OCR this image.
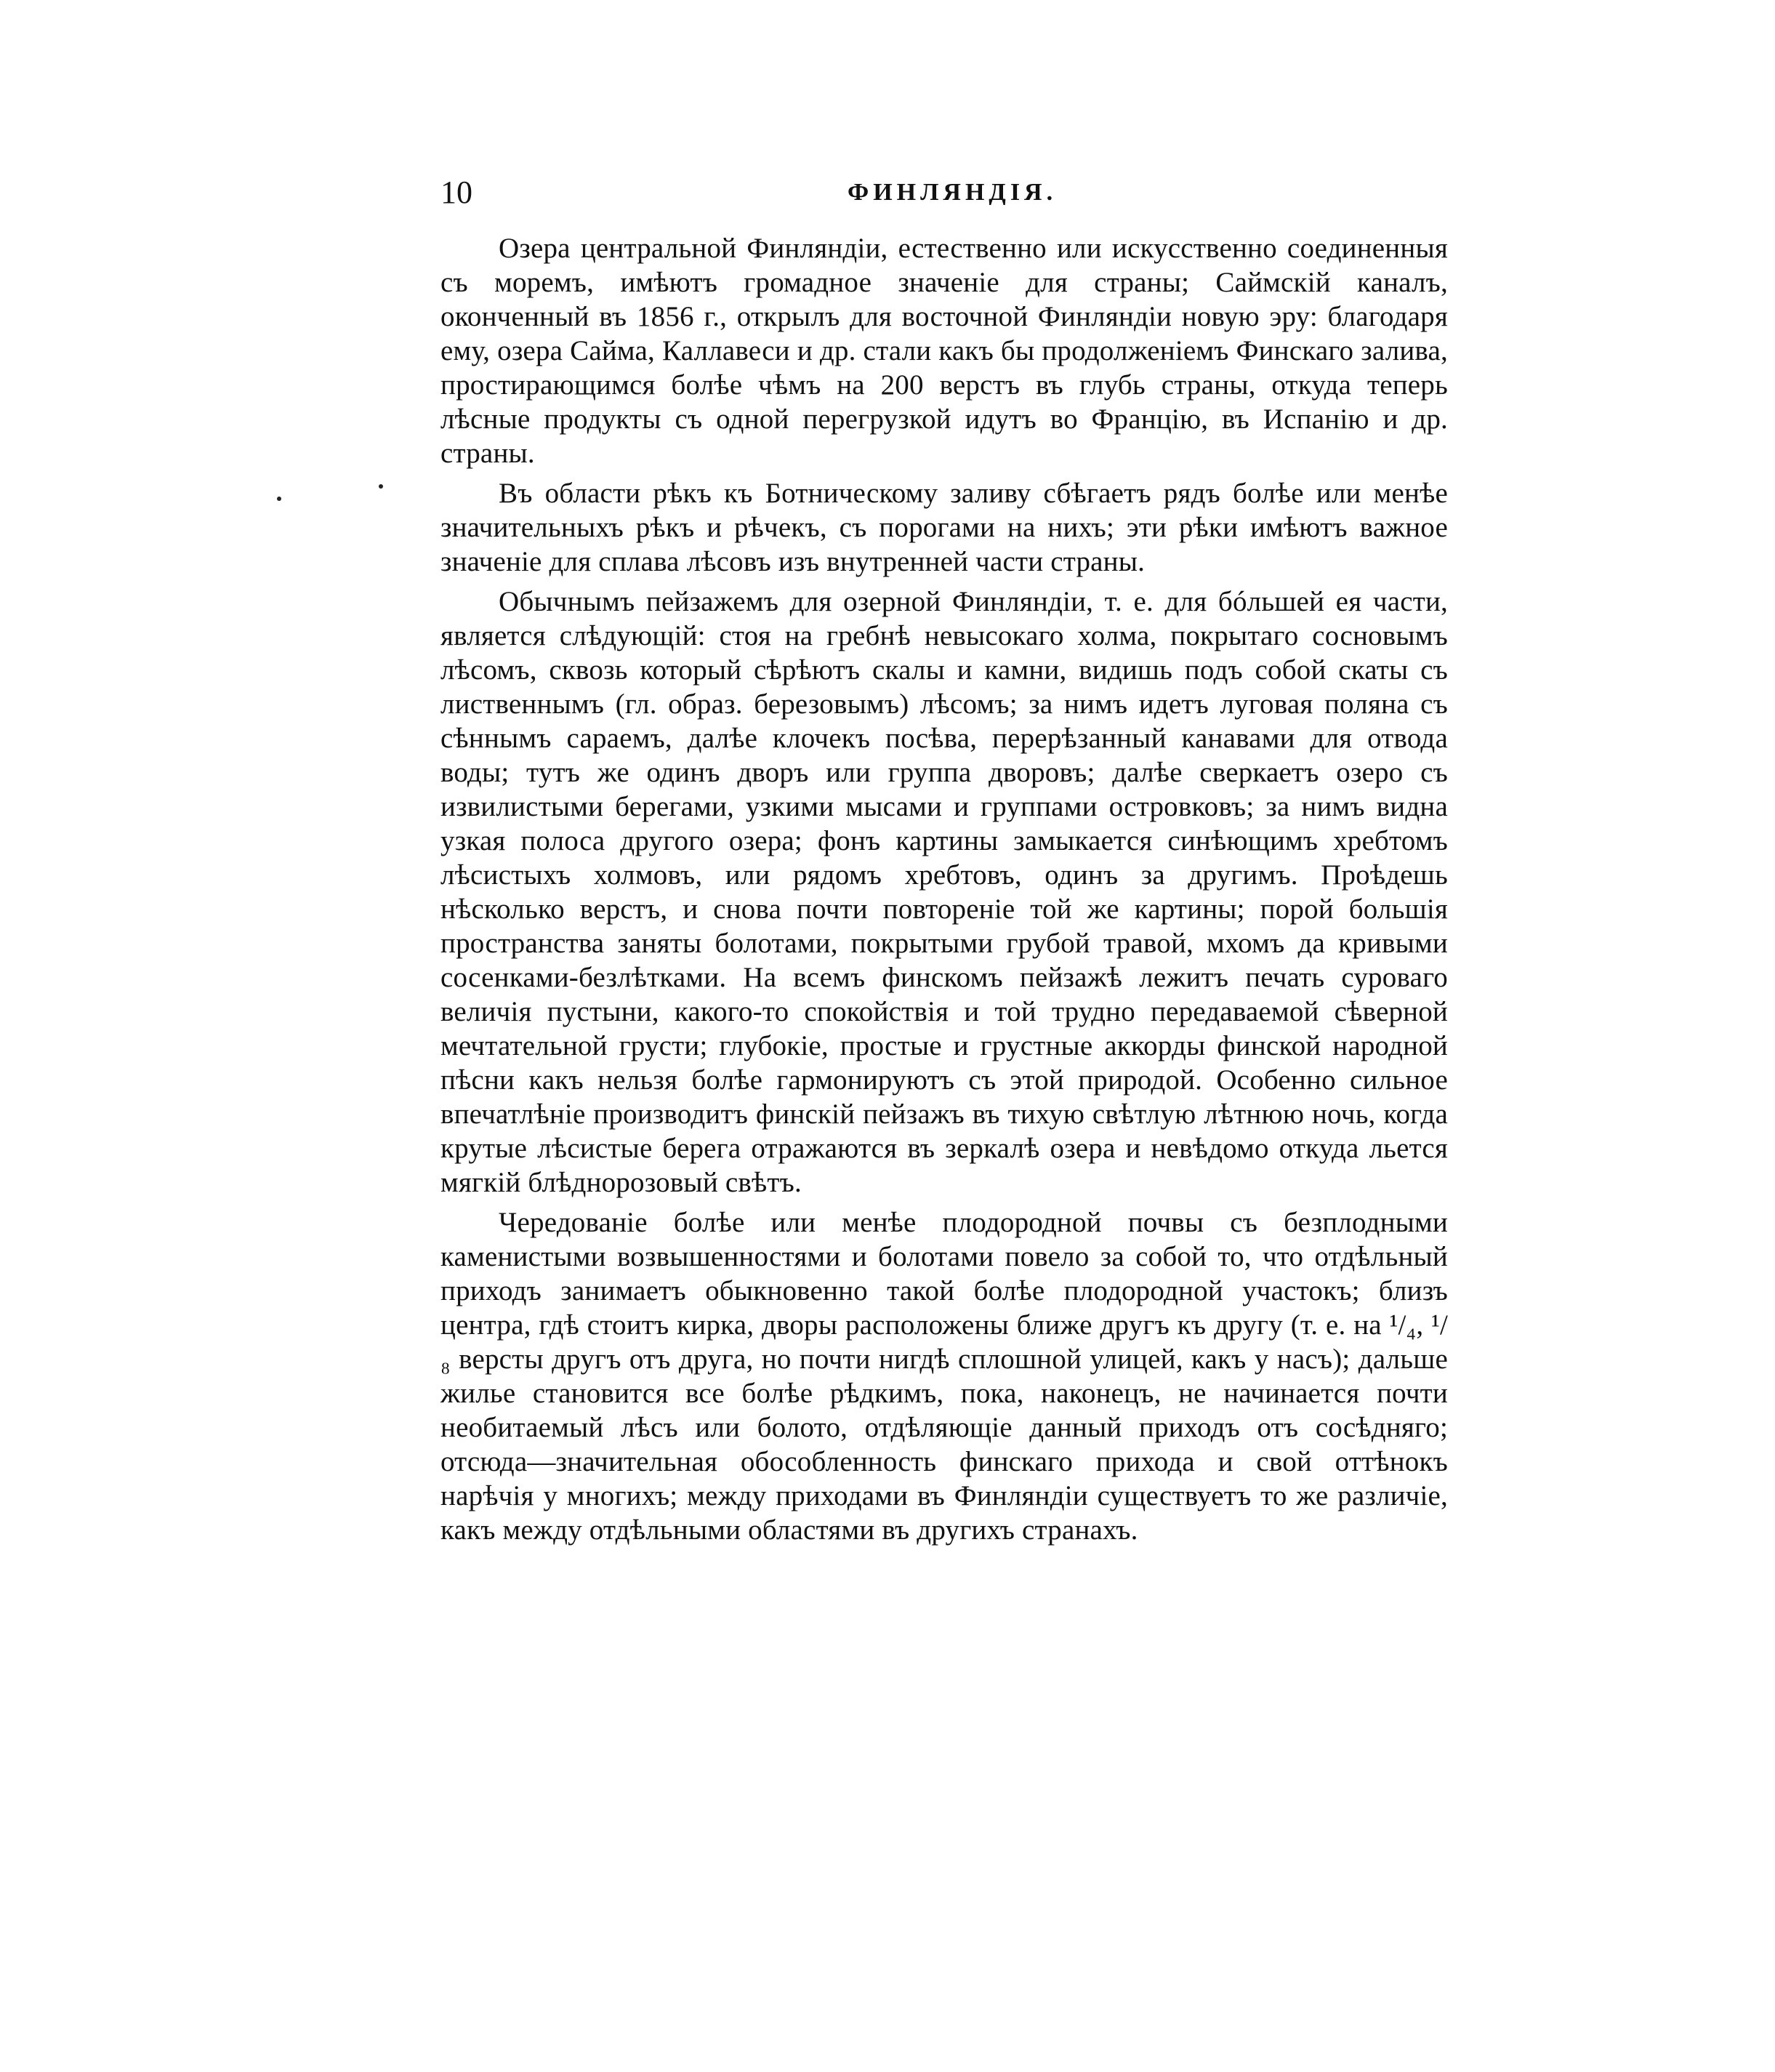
10	ФИНЛЯНДІЯ.

Озера центральной Финляндіи, естественно или искусственно соединенныя съ моремъ, имѣютъ громадное значеніе для страны; Саймскій каналъ, оконченный въ 1856 г., открылъ для восточной Финляндіи новую эру: благодаря ему, озера Сайма, Каллавеси и др. стали какъ бы продолженіемъ Финскаго залива, простирающимся болѣе чѣмъ на 200 верстъ въ глубь страны, откуда теперь лѣсные продукты съ одной перегрузкой идутъ во Францію, въ Испанію и др. страны.

Въ области рѣкъ къ Ботническому заливу сбѣгаетъ рядъ болѣе или менѣе значительныхъ рѣкъ и рѣчекъ, съ порогами на нихъ; эти рѣки имѣютъ важное значеніе для сплава лѣсовъ изъ внутренней части страны.

Обычнымъ пейзажемъ для озерной Финляндіи, т. е. для бóльшей ея части, является слѣдующій: стоя на гребнѣ невысокаго холма, покрытаго сосновымъ лѣсомъ, сквозь который сѣрѣютъ скалы и камни, видишь подъ собой скаты съ лиственнымъ (гл. образ. березовымъ) лѣсомъ; за нимъ идетъ луговая поляна съ сѣннымъ сараемъ, далѣе клочекъ посѣва, перерѣзанный канавами для отвода воды; тутъ же одинъ дворъ или группа дворовъ; далѣе сверкаетъ озеро съ извилистыми берегами, узкими мысами и группами островковъ; за нимъ видна узкая полоса другого озера; фонъ картины замыкается синѣющимъ хребтомъ лѣсистыхъ холмовъ, или рядомъ хребтовъ, одинъ за другимъ. Проѣдешь нѣсколько верстъ, и снова почти повтореніе той же картины; порой большія пространства заняты болотами, покрытыми грубой травой, мхомъ да кривыми сосенками-безлѣтками. На всемъ финскомъ пейзажѣ лежитъ печать суроваго величія пустыни, какого-то спокойствія и той трудно передаваемой сѣверной мечтательной грусти; глубокіе, простые и грустные аккорды финской народной пѣсни какъ нельзя болѣе гармонируютъ съ этой природой. Особенно сильное впечатлѣніе производитъ финскій пейзажъ въ тихую свѣтлую лѣтнюю ночь, когда крутые лѣсистые берега отражаются въ зеркалѣ озера и невѣдомо откуда льется мягкій блѣднорозовый свѣтъ.

Чередованіе болѣе или менѣе плодородной почвы съ безплодными каменистыми возвышенностями и болотами повело за собой то, что отдѣльный приходъ занимаетъ обыкновенно такой болѣе плодородной участокъ; близъ центра, гдѣ стоитъ кирка, дворы расположены ближе другъ къ другу (т. е. на ¹/₄, ¹/₈ версты другъ отъ друга, но почти нигдѣ сплошной улицей, какъ у насъ); дальше жилье становится все болѣе рѣдкимъ, пока, наконецъ, не начинается почти необитаемый лѣсъ или болото, отдѣляющіе данный приходъ отъ сосѣдняго; отсюда—значительная обособленность финскаго прихода и свой оттѣнокъ нарѣчія у многихъ; между приходами въ Финляндіи существуетъ то же различіе, какъ между отдѣльными областями въ другихъ странахъ.
